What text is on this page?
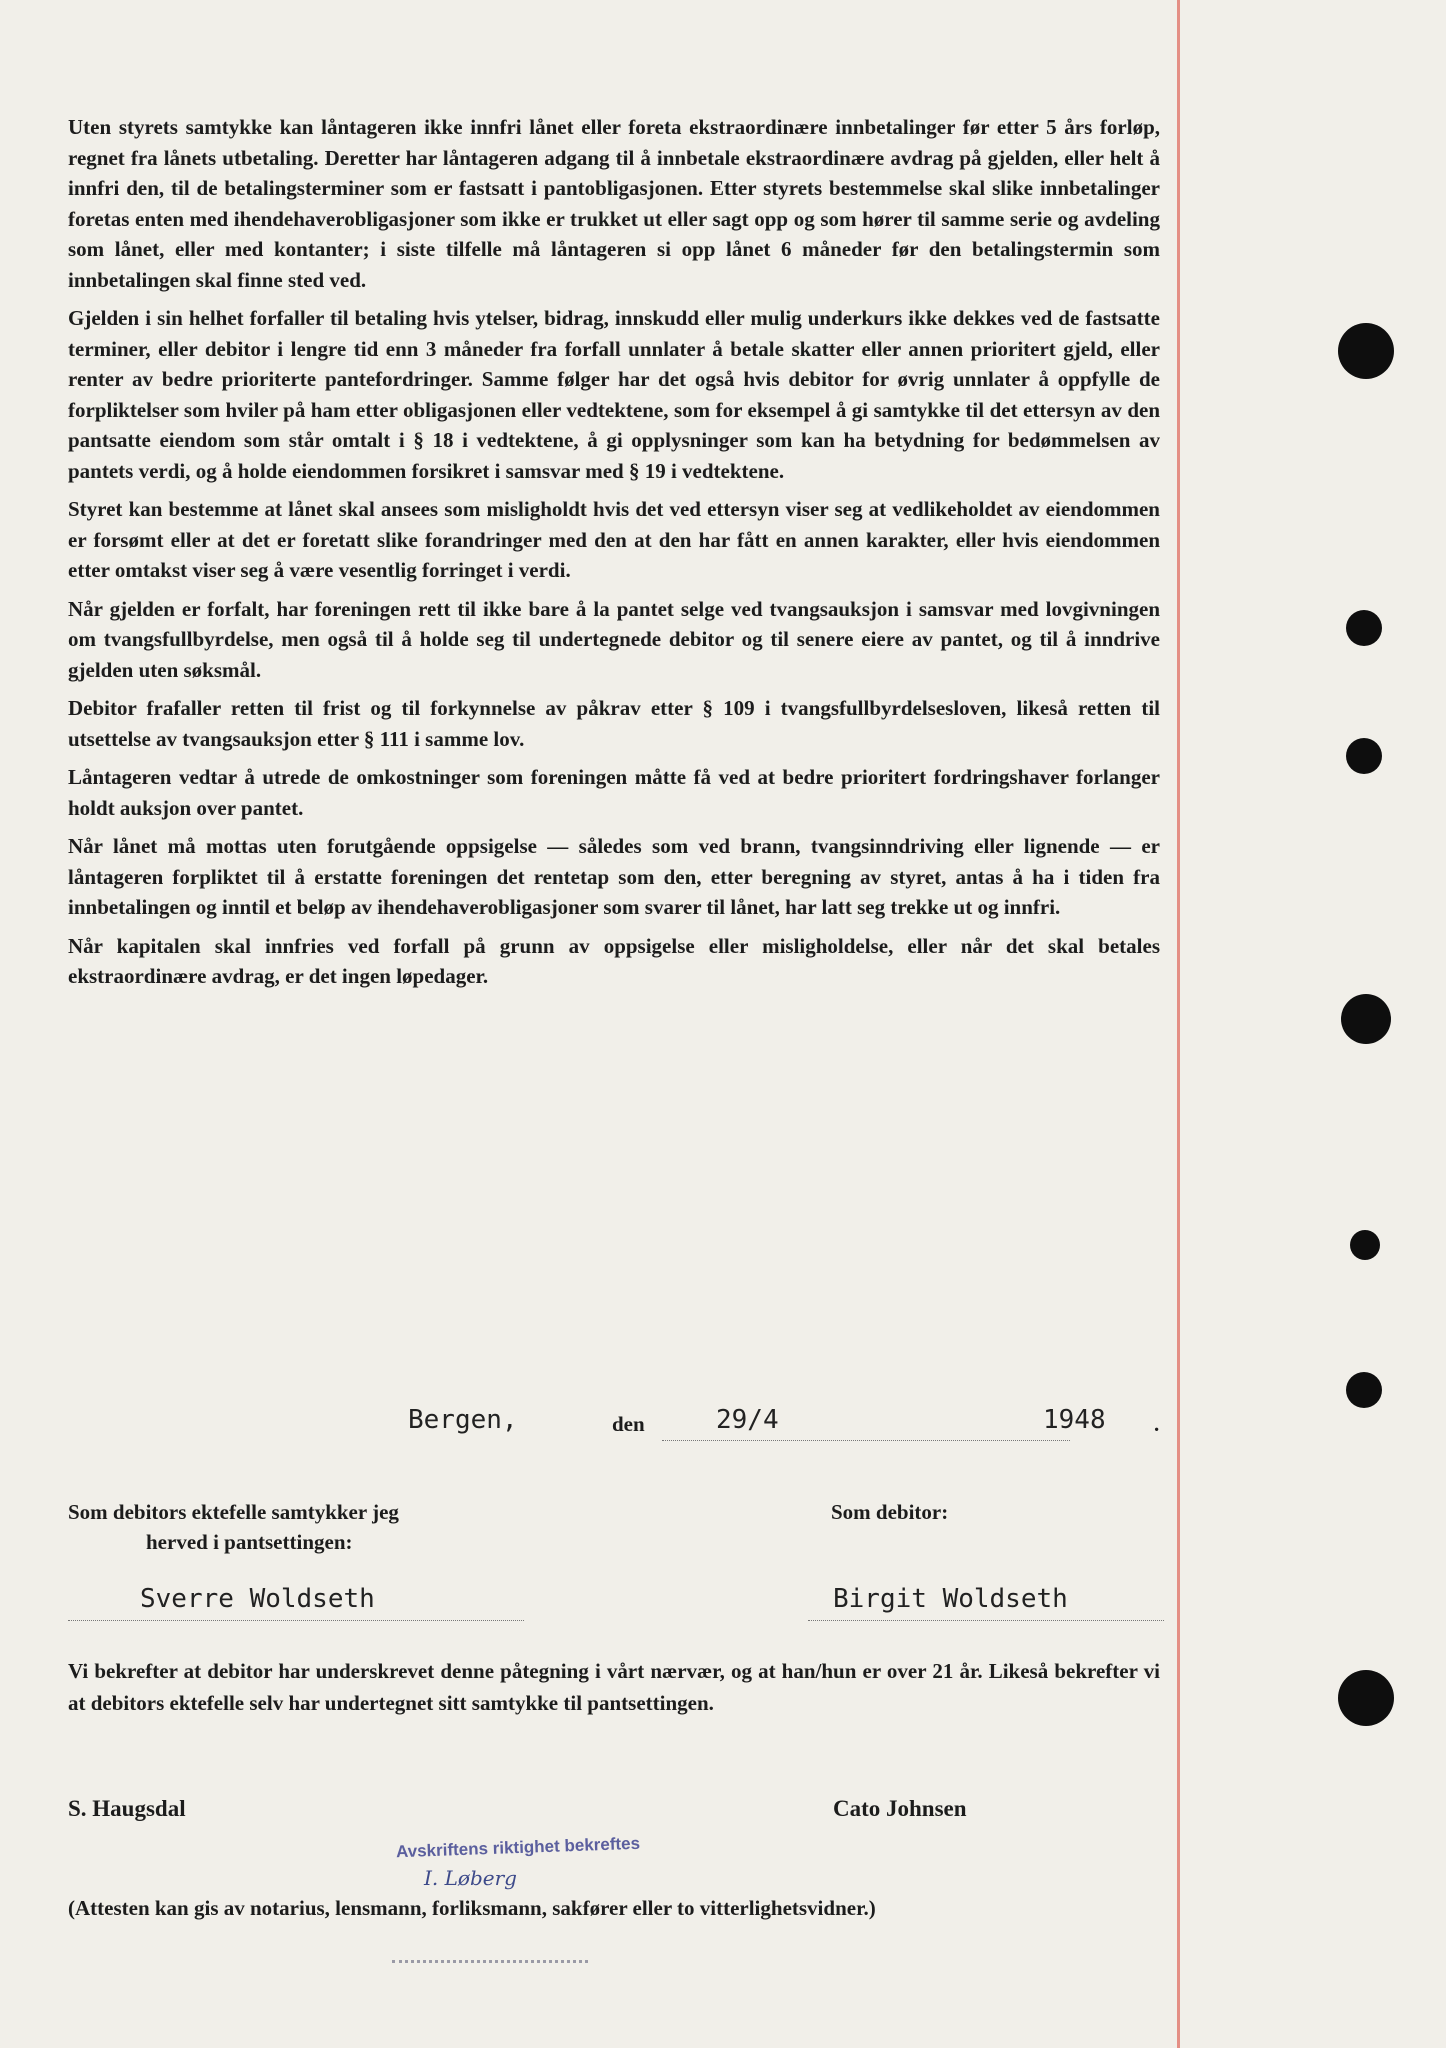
Uten styrets samtykke kan låntageren ikke innfri lånet eller foreta ekstraordinære innbetalinger før etter 5 års forløp, regnet fra lånets utbetaling. Deretter har låntageren adgang til å innbetale ekstraordinære avdrag på gjelden, eller helt å innfri den, til de betalingsterminer som er fastsatt i pantobligasjonen. Etter styrets bestemmelse skal slike innbetalinger foretas enten med ihendehaverobligasjoner som ikke er trukket ut eller sagt opp og som hører til samme serie og avdeling som lånet, eller med kontanter; i siste tilfelle må låntageren si opp lånet 6 måneder før den betalingstermin som innbetalingen skal finne sted ved.

Gjelden i sin helhet forfaller til betaling hvis ytelser, bidrag, innskudd eller mulig underkurs ikke dekkes ved de fastsatte terminer, eller debitor i lengre tid enn 3 måneder fra forfall unnlater å betale skatter eller annen prioritert gjeld, eller renter av bedre prioriterte pantefordringer. Samme følger har det også hvis debitor for øvrig unnlater å oppfylle de forpliktelser som hviler på ham etter obligasjonen eller vedtektene, som for eksempel å gi samtykke til det ettersyn av den pantsatte eiendom som står omtalt i § 18 i vedtektene, å gi opplysninger som kan ha betydning for bedømmelsen av pantets verdi, og å holde eiendommen forsikret i samsvar med § 19 i vedtektene.

Styret kan bestemme at lånet skal ansees som misligholdt hvis det ved ettersyn viser seg at vedlikeholdet av eiendommen er forsømt eller at det er foretatt slike forandringer med den at den har fått en annen karakter, eller hvis eiendommen etter omtakst viser seg å være vesentlig forringet i verdi.

Når gjelden er forfalt, har foreningen rett til ikke bare å la pantet selge ved tvangsauksjon i samsvar med lovgivningen om tvangsfullbyrdelse, men også til å holde seg til undertegnede debitor og til senere eiere av pantet, og til å inndrive gjelden uten søksmål.

Debitor frafaller retten til frist og til forkynnelse av påkrav etter § 109 i tvangsfullbyrdelsesloven, likeså retten til utsettelse av tvangsauksjon etter § 111 i samme lov.

Låntageren vedtar å utrede de omkostninger som foreningen måtte få ved at bedre prioritert fordringshaver forlanger holdt auksjon over pantet.

Når lånet må mottas uten forutgående oppsigelse — således som ved brann, tvangsinndriving eller lignende — er låntageren forpliktet til å erstatte foreningen det rentetap som den, etter beregning av styret, antas å ha i tiden fra innbetalingen og inntil et beløp av ihendehaverobligasjoner som svarer til lånet, har latt seg trekke ut og innfri.

Når kapitalen skal innfries ved forfall på grunn av oppsigelse eller misligholdelse, eller når det skal betales ekstraordinære avdrag, er det ingen løpedager.

Bergen,	den	29/4	1948 .
Som debitors ektefelle samtykker jeg
herved i pantsettingen:
Som debitor:
Sverre Woldseth	Birgit Woldseth
Vi bekrefter at debitor har underskrevet denne påtegning i vårt nærvær, og at han/hun er over 21 år. Likeså bekrefter vi at debitors ektefelle selv har undertegnet sitt samtykke til pantsettingen.
S. Haugsdal	Cato Johnsen
Avskriftens riktighet bekreftes
I. Løberg
(Attesten kan gis av notarius, lensmann, forliksmann, sakfører eller to vitterlighetsvidner.)
